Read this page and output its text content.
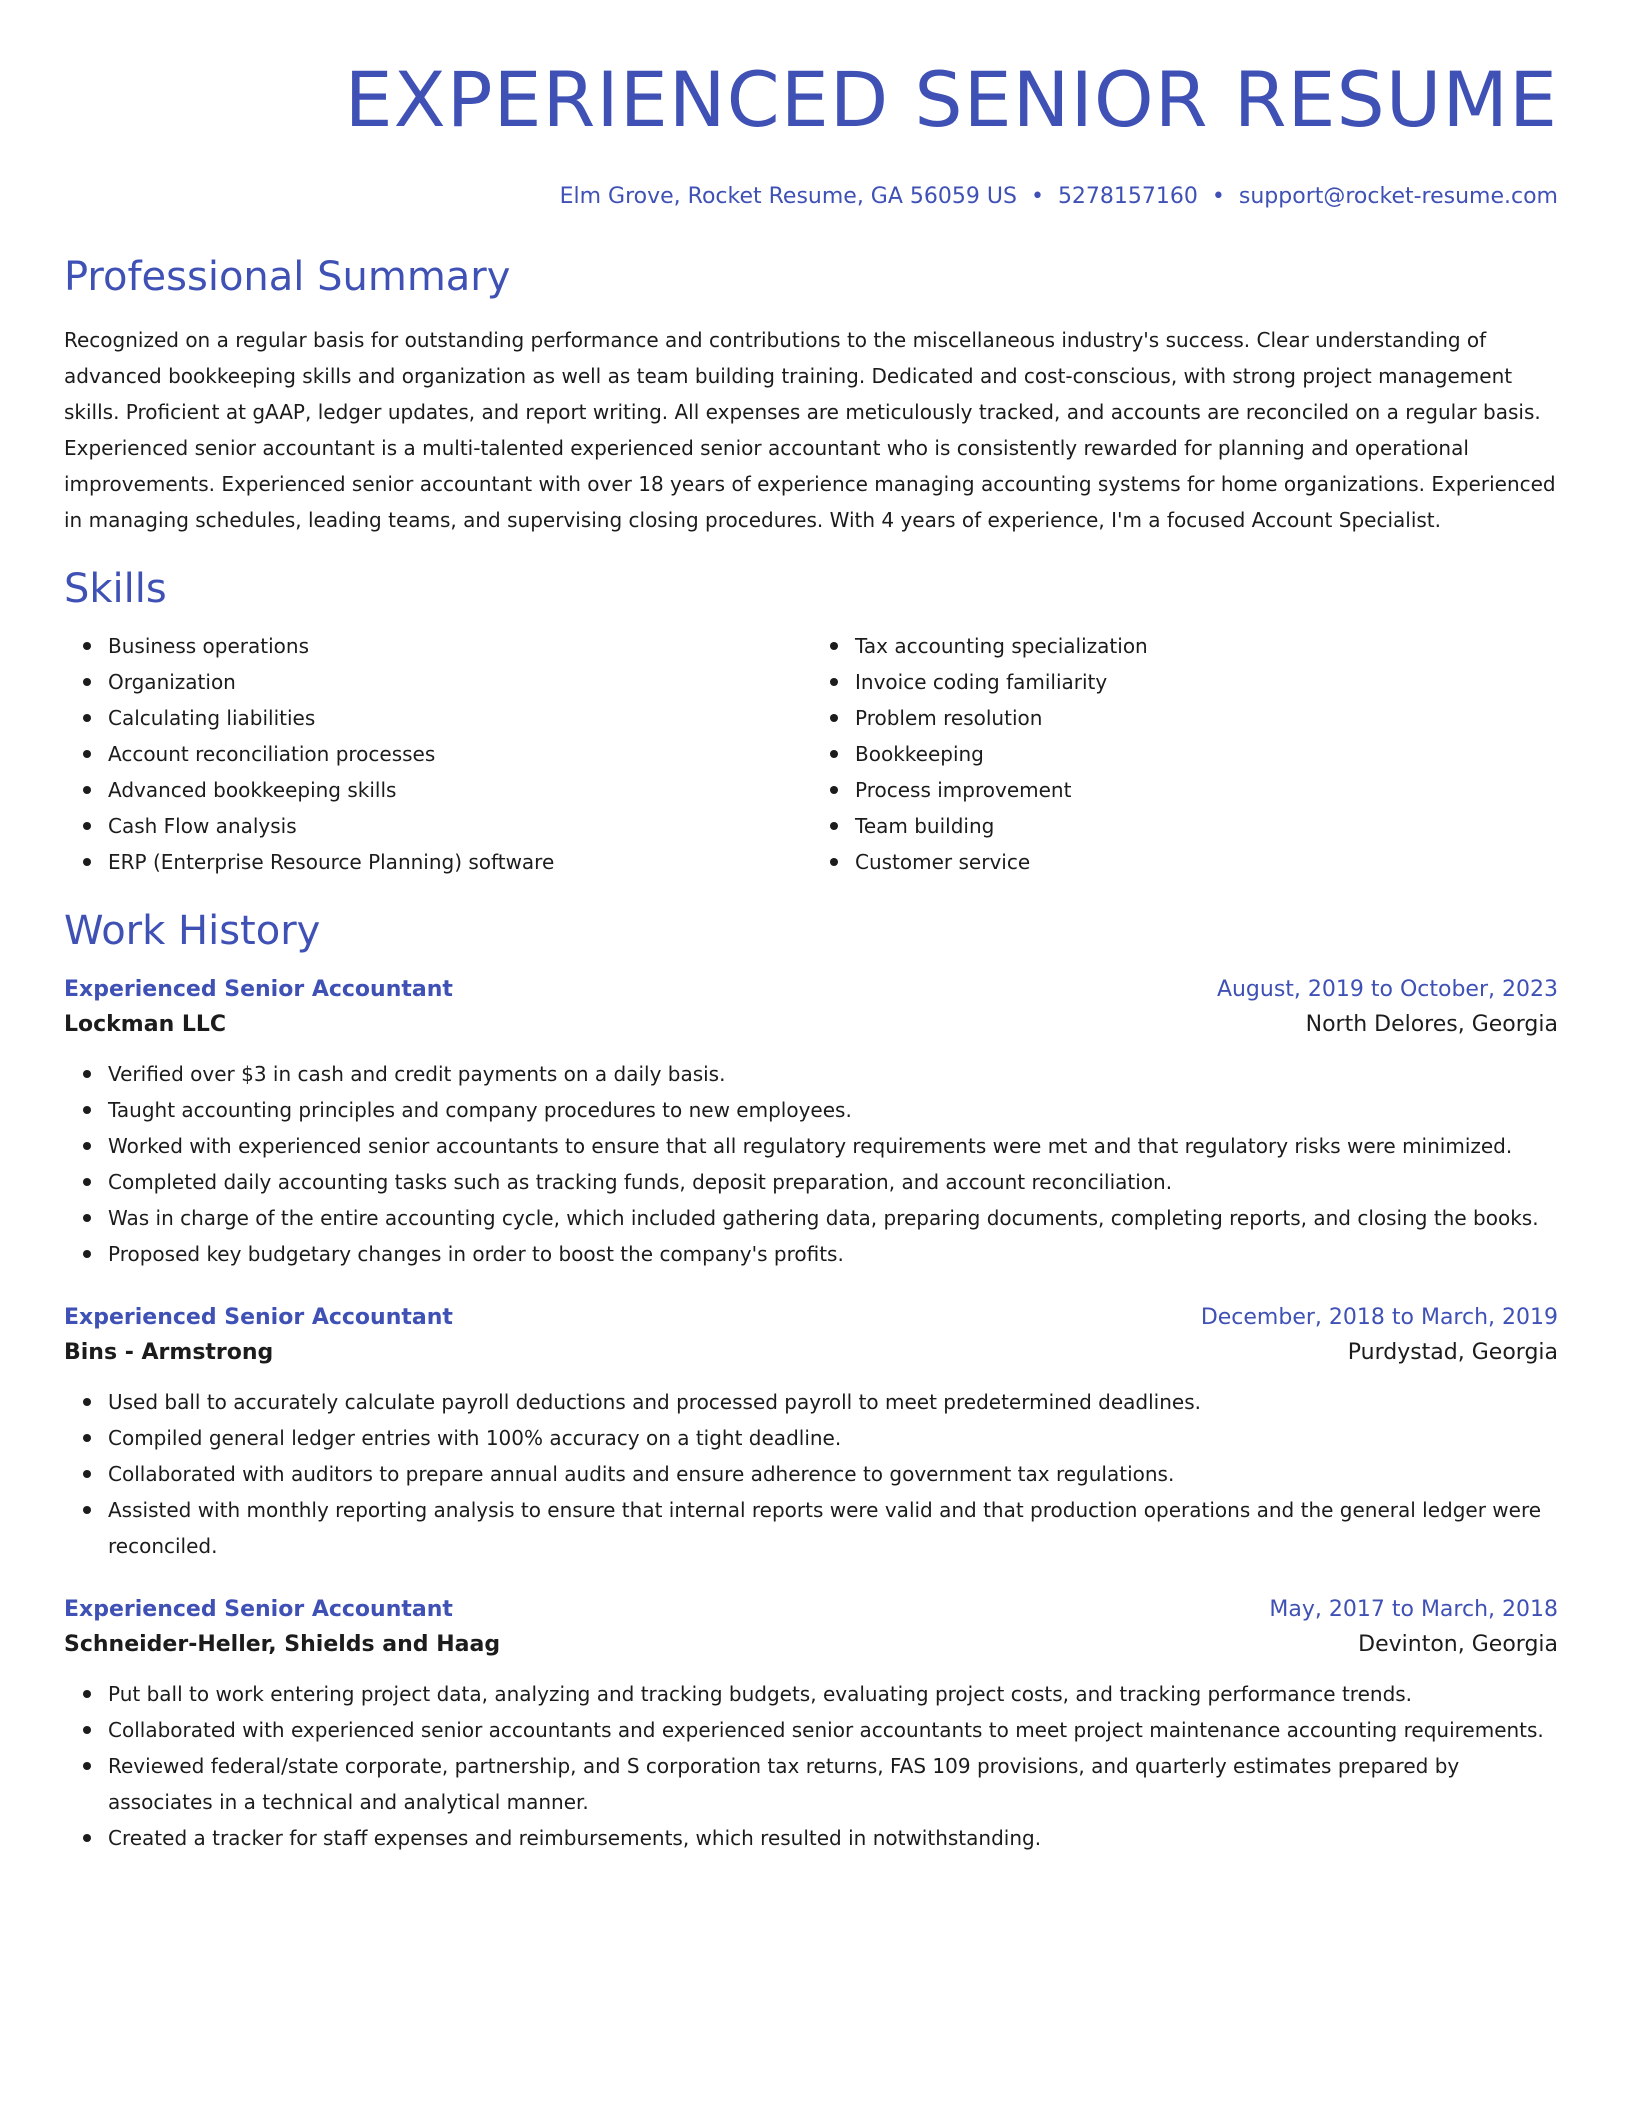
EXPERIENCED SENIOR RESUME
Elm Grove, Rocket Resume, GA 56059 US • 5278157160 • support@rocket-resume.com
Professional Summary
Recognized on a regular basis for outstanding performance and contributions to the miscellaneous industry's success. Clear understanding of advanced bookkeeping skills and organization as well as team building training. Dedicated and cost-conscious, with strong project management skills. Proficient at gAAP, ledger updates, and report writing. All expenses are meticulously tracked, and accounts are reconciled on a regular basis. Experienced senior accountant is a multi-talented experienced senior accountant who is consistently rewarded for planning and operational improvements. Experienced senior accountant with over 18 years of experience managing accounting systems for home organizations. Experienced in managing schedules, leading teams, and supervising closing procedures. With 4 years of experience, I'm a focused Account Specialist.
Skills
Business operations
Organization
Calculating liabilities
Account reconciliation processes
Advanced bookkeeping skills
Cash Flow analysis
ERP (Enterprise Resource Planning) software
Tax accounting specialization
Invoice coding familiarity
Problem resolution
Bookkeeping
Process improvement
Team building
Customer service
Work History
Experienced Senior Accountant	August, 2019 to October, 2023
Lockman LLC	North Delores, Georgia
Verified over $3 in cash and credit payments on a daily basis.
Taught accounting principles and company procedures to new employees.
Worked with experienced senior accountants to ensure that all regulatory requirements were met and that regulatory risks were minimized.
Completed daily accounting tasks such as tracking funds, deposit preparation, and account reconciliation.
Was in charge of the entire accounting cycle, which included gathering data, preparing documents, completing reports, and closing the books.
Proposed key budgetary changes in order to boost the company's profits.
Experienced Senior Accountant	December, 2018 to March, 2019
Bins - Armstrong	Purdystad, Georgia
Used ball to accurately calculate payroll deductions and processed payroll to meet predetermined deadlines.
Compiled general ledger entries with 100% accuracy on a tight deadline.
Collaborated with auditors to prepare annual audits and ensure adherence to government tax regulations.
Assisted with monthly reporting analysis to ensure that internal reports were valid and that production operations and the general ledger were reconciled.
Experienced Senior Accountant	May, 2017 to March, 2018
Schneider-Heller, Shields and Haag	Devinton, Georgia
Put ball to work entering project data, analyzing and tracking budgets, evaluating project costs, and tracking performance trends.
Collaborated with experienced senior accountants and experienced senior accountants to meet project maintenance accounting requirements.
Reviewed federal/state corporate, partnership, and S corporation tax returns, FAS 109 provisions, and quarterly estimates prepared by associates in a technical and analytical manner.
Created a tracker for staff expenses and reimbursements, which resulted in notwithstanding.
